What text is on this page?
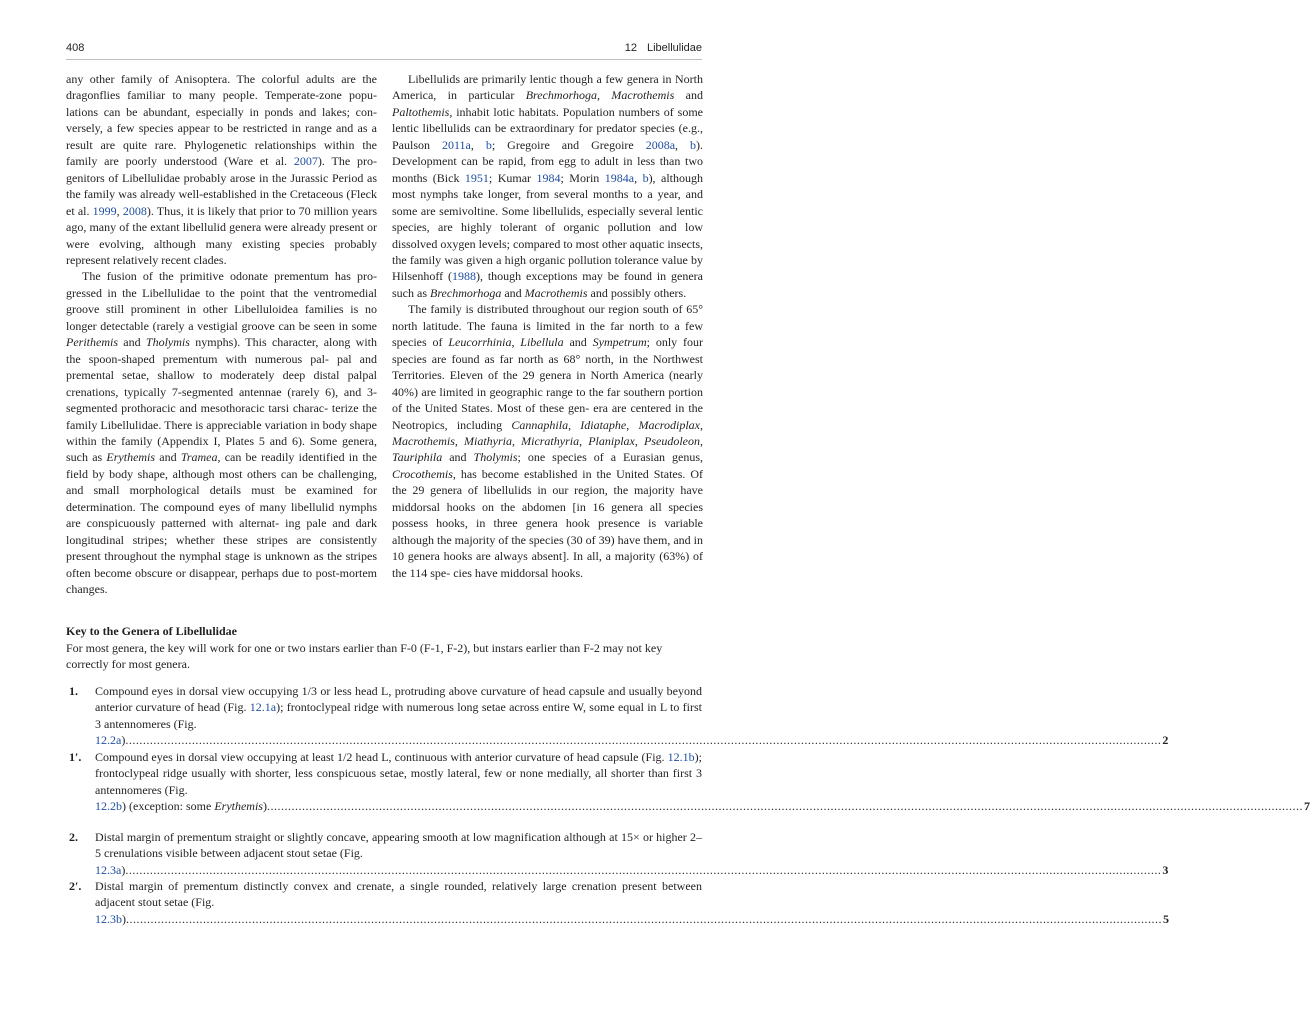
408	12 Libellulidae

any other family of Anisoptera. The colorful adults are the dragonflies familiar to many people. Temperate-zone popu- lations can be abundant, especially in ponds and lakes; con- versely, a few species appear to be restricted in range and as a result are quite rare. Phylogenetic relationships within the family are poorly understood (Ware et al. 2007). The pro- genitors of Libellulidae probably arose in the Jurassic Period as the family was already well-established in the Cretaceous (Fleck et al. 1999, 2008). Thus, it is likely that prior to 70 million years ago, many of the extant libellulid genera were already present or were evolving, although many existing species probably represent relatively recent clades.

The fusion of the primitive odonate prementum has pro- gressed in the Libellulidae to the point that the ventromedial groove still prominent in other Libelluloidea families is no longer detectable (rarely a vestigial groove can be seen in some Perithemis and Tholymis nymphs). This character, along with the spoon-shaped prementum with numerous pal- pal and premental setae, shallow to moderately deep distal palpal crenations, typically 7-segmented antennae (rarely 6), and 3-segmented prothoracic and mesothoracic tarsi charac- terize the family Libellulidae. There is appreciable variation in body shape within the family (Appendix I, Plates 5 and 6). Some genera, such as Erythemis and Tramea, can be readily identified in the field by body shape, although most others can be challenging, and small morphological details must be examined for determination. The compound eyes of many libellulid nymphs are conspicuously patterned with alternat- ing pale and dark longitudinal stripes; whether these stripes are consistently present throughout the nymphal stage is unknown as the stripes often become obscure or disappear, perhaps due to post-mortem changes.

Libellulids are primarily lentic though a few genera in North America, in particular Brechmorhoga, Macrothemis and Paltothemis, inhabit lotic habitats. Population numbers of some lentic libellulids can be extraordinary for predator species (e.g., Paulson 2011a, b; Gregoire and Gregoire 2008a, b). Development can be rapid, from egg to adult in less than two months (Bick 1951; Kumar 1984; Morin 1984a, b), although most nymphs take longer, from several months to a year, and some are semivoltine. Some libellulids, especially several lentic species, are highly tolerant of organic pollution and low dissolved oxygen levels; compared to most other aquatic insects, the family was given a high organic pollution tolerance value by Hilsenhoff (1988), though exceptions may be found in genera such as Brechmorhoga and Macrothemis and possibly others.

The family is distributed throughout our region south of 65° north latitude. The fauna is limited in the far north to a few species of Leucorrhinia, Libellula and Sympetrum; only four species are found as far north as 68° north, in the Northwest Territories. Eleven of the 29 genera in North America (nearly 40%) are limited in geographic range to the far southern portion of the United States. Most of these gen- era are centered in the Neotropics, including Cannaphila, Idiataphe, Macrodiplax, Macrothemis, Miathyria, Micrathyria, Planiplax, Pseudoleon, Tauriphila and Tholymis; one species of a Eurasian genus, Crocothemis, has become established in the United States. Of the 29 genera of libellulids in our region, the majority have middorsal hooks on the abdomen [in 16 genera all species possess hooks, in three genera hook presence is variable although the majority of the species (30 of 39) have them, and in 10 genera hooks are always absent]. In all, a majority (63%) of the 114 spe- cies have middorsal hooks.

Key to the Genera of Libellulidae
For most genera, the key will work for one or two instars earlier than F-0 (F-1, F-2), but instars earlier than F-2 may not key correctly for most genera.
1. Compound eyes in dorsal view occupying 1/3 or less head L, protruding above curvature of head capsule and usually beyond anterior curvature of head (Fig. 12.1a); frontoclypeal ridge with numerous long setae across entire W, some equal in L to first 3 antennomeres (Fig.
12.2a) ........................................................................................................................................................................................................................................................................................................ 2
1′. Compound eyes in dorsal view occupying at least 1/2 head L, continuous with anterior curvature of head capsule (Fig. 12.1b); frontoclypeal ridge usually with shorter, less conspicuous setae, mostly lateral, few or none medially, all shorter than first 3 antennomeres (Fig.
12.2b) (exception: some Erythemis) ........................................................................................................................................................................................................................................................................................................ 7
2. Distal margin of prementum straight or slightly concave, appearing smooth at low magnification although at 15× or higher 2–5 crenulations visible between adjacent stout setae (Fig.
12.3a) ........................................................................................................................................................................................................................................................................................................ 3
2′. Distal margin of prementum distinctly convex and crenate, a single rounded, relatively large crenation present between adjacent stout setae (Fig.
12.3b) ........................................................................................................................................................................................................................................................................................................ 5
